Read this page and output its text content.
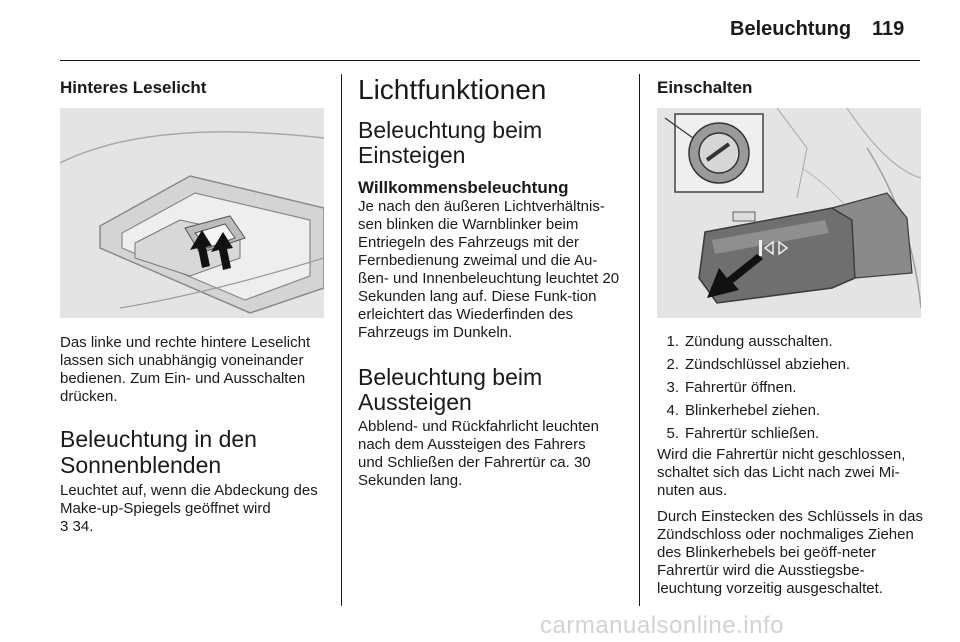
Beleuchtung 119
Hinteres Leselicht

Das linke und rechte hintere Leselicht lassen sich unabhängig voneinander bedienen. Zum Ein- und Ausschalten drücken.

Beleuchtung in den
Sonnenblenden

Leuchtet auf, wenn die Abdeckung des Make-up-Spiegels geöffnet wird
3 34.

Lichtfunktionen
Beleuchtung beim
Einsteigen
Willkommensbeleuchtung

Je nach den äußeren Lichtverhältnis-sen blinken die Warnblinker beim Entriegeln des Fahrzeugs mit der Fernbedienung zweimal und die Au-ßen- und Innenbeleuchtung leuchtet 20 Sekunden lang auf. Diese Funk-tion erleichtert das Wiederfinden des Fahrzeugs im Dunkeln.

Beleuchtung beim
Aussteigen

Abblend- und Rückfahrlicht leuchten nach dem Aussteigen des Fahrers und Schließen der Fahrertür ca. 30 Sekunden lang.

Einschalten
1. Zündung ausschalten.
2. Zündschlüssel abziehen.
3. Fahrertür öffnen.
4. Blinkerhebel ziehen.
5. Fahrertür schließen.

Wird die Fahrertür nicht geschlossen, schaltet sich das Licht nach zwei Mi-nuten aus.

Durch Einstecken des Schlüssels in das Zündschloss oder nochmaliges Ziehen des Blinkerhebels bei geöff-neter Fahrertür wird die Ausstiegsbe-leuchtung vorzeitig ausgeschaltet.

carmanualsonline.info
